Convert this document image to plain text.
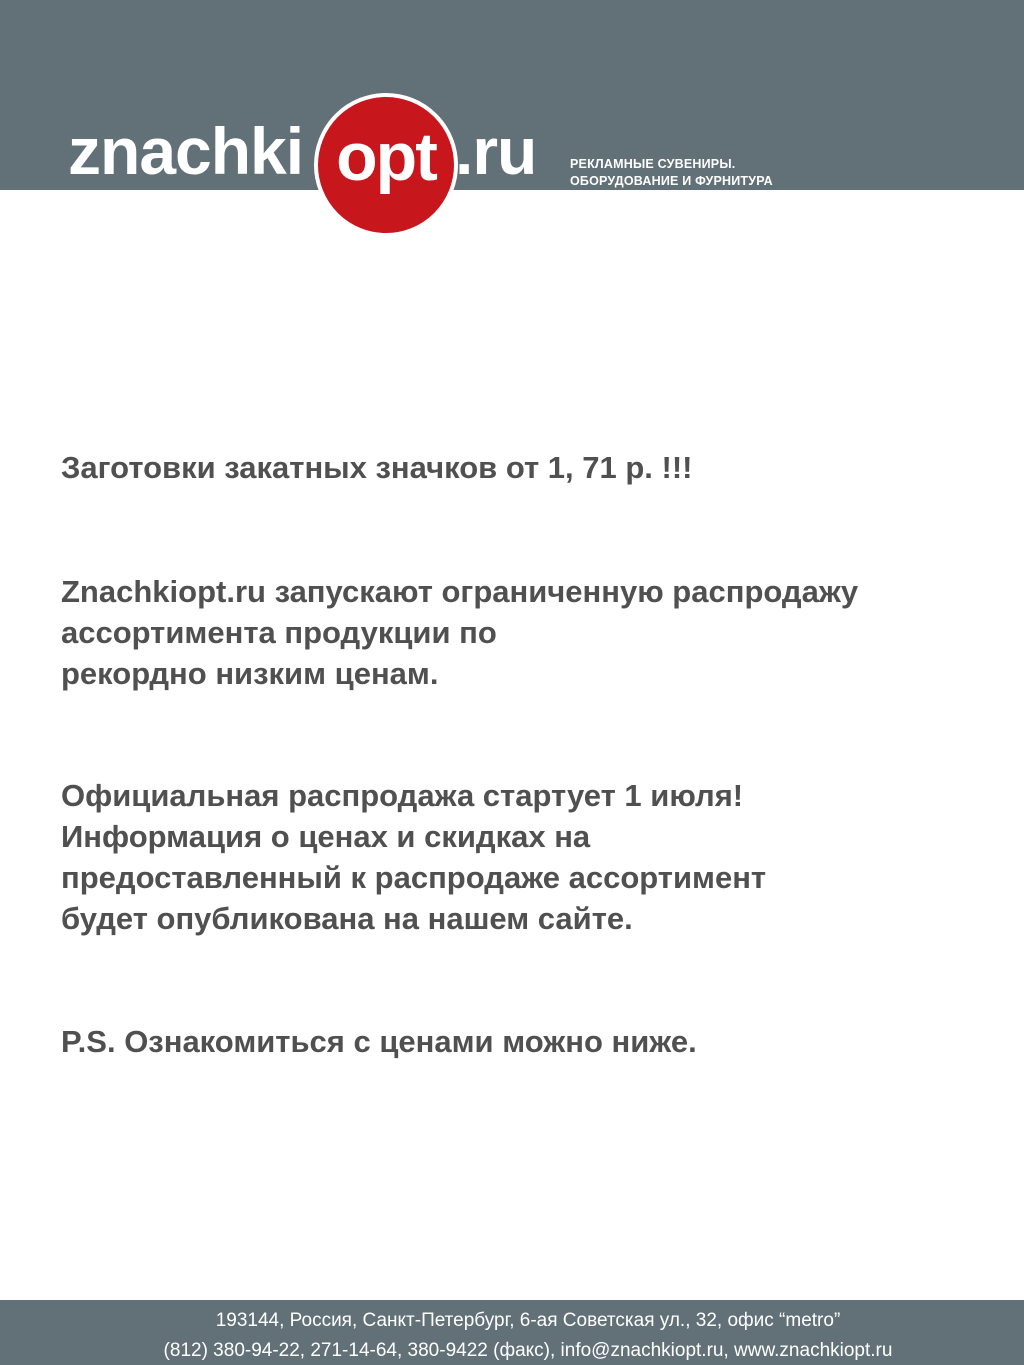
znachki opt .ru	РЕКЛАМНЫЕ СУВЕНИРЫ.
ОБОРУДОВАНИЕ И ФУРНИТУРА

Заготовки закатных значков от 1, 71 р. !!!

Znachkiopt.ru запускают ограниченную распродажу
ассортимента продукции по
рекордно низким ценам.

Официальная распродажа стартует 1 июля!
Информация о ценах и скидках на
предоставленный к распродаже ассортимент
будет опубликована на нашем сайте.

P.S. Ознакомиться с ценами можно ниже.

193144, Россия, Санкт-Петербург, 6-ая Советская ул., 32, офис “metro”
(812) 380-94-22, 271-14-64, 380-9422 (факс), info@znachkiopt.ru, www.znachkiopt.ru
